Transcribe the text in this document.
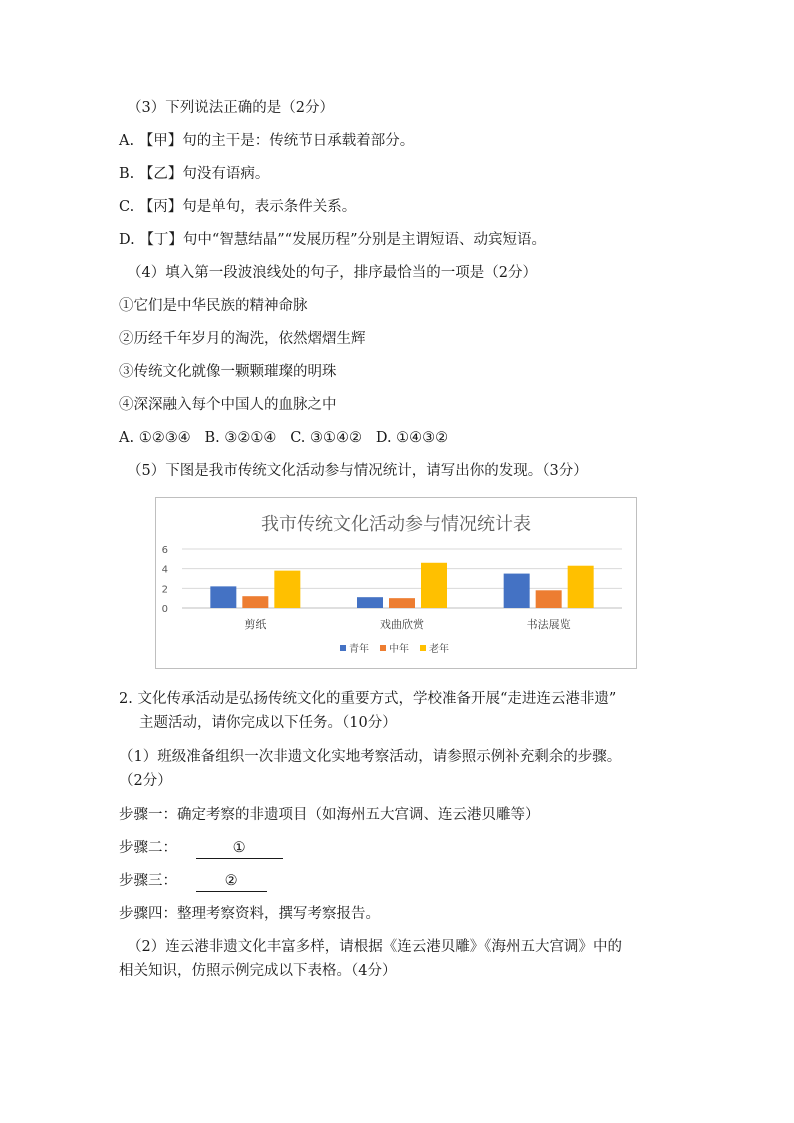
（3）下列说法正确的是（2分）
A. 【甲】句的主干是：传统节日承载着部分。
B. 【乙】句没有语病。
C. 【丙】句是单句，表示条件关系。
D. 【丁】句中“智慧结晶”“发展历程”分别是主谓短语、动宾短语。
（4）填入第一段波浪线处的句子，排序最恰当的一项是（2分）
①它们是中华民族的精神命脉
②历经千年岁月的淘洗，依然熠熠生辉
③传统文化就像一颗颗璀璨的明珠
④深深融入每个中国人的血脉之中
A. ①②③④   B. ③②①④   C. ③①④②   D. ①④③②
（5）下图是我市传统文化活动参与情况统计，请写出你的发现。（3分）
我市传统文化活动参与情况统计表
0
2
4
6
剪纸	戏曲欣赏	书法展览
青年 中年 老年
2. 文化传承活动是弘扬传统文化的重要方式，学校准备开展“走进连云港非遗”
主题活动，请你完成以下任务。（10分）
（1）班级准备组织一次非遗文化实地考察活动，请参照示例补充剩余的步骤。
（2分）
步骤一：确定考察的非遗项目（如海州五大宫调、连云港贝雕等）
步骤二：	①
步骤三：	②
步骤四：整理考察资料，撰写考察报告。
（2）连云港非遗文化丰富多样，请根据《连云港贝雕》《海州五大宫调》中的
相关知识，仿照示例完成以下表格。（4分）
